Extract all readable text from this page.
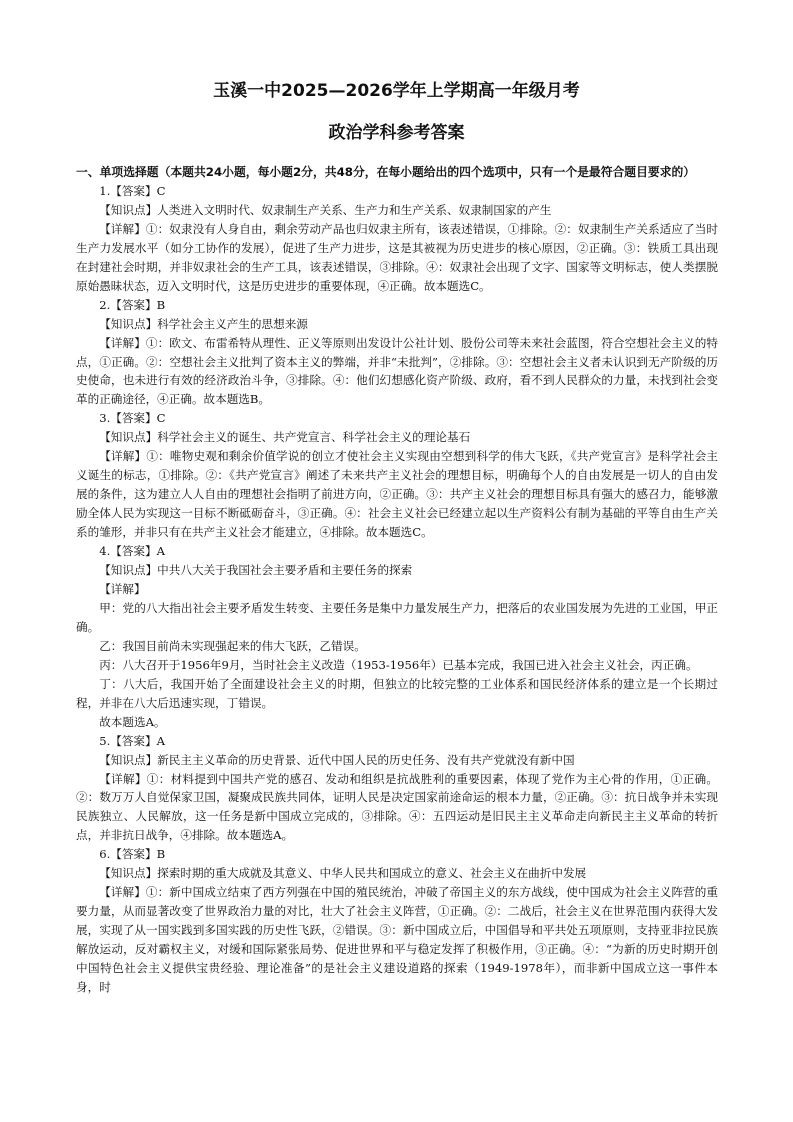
玉溪一中2025—2026学年上学期高一年级月考
政治学科参考答案

一、单项选择题（本题共24小题，每小题2分，共48分，在每小题给出的四个选项中，只有一个是最符合题目要求的）

1.【答案】C

【知识点】人类进入文明时代、奴隶制生产关系、生产力和生产关系、奴隶制国家的产生

【详解】①：奴隶没有人身自由，剩余劳动产品也归奴隶主所有，该表述错误，①排除。②：奴隶制生产关系适应了当时生产力发展水平（如分工协作的发展），促进了生产力进步，这是其被视为历史进步的核心原因，②正确。③：铁质工具出现在封建社会时期，并非奴隶社会的生产工具，该表述错误，③排除。④：奴隶社会出现了文字、国家等文明标志，使人类摆脱原始愚昧状态，迈入文明时代，这是历史进步的重要体现，④正确。故本题选C。

2.【答案】B

【知识点】科学社会主义产生的思想来源

【详解】①：欧文、布雷希特从理性、正义等原则出发设计公社计划、股份公司等未来社会蓝图，符合空想社会主义的特点，①正确。②：空想社会主义批判了资本主义的弊端，并非“未批判”，②排除。③：空想社会主义者未认识到无产阶级的历史使命，也未进行有效的经济政治斗争，③排除。④：他们幻想感化资产阶级、政府，看不到人民群众的力量，未找到社会变革的正确途径，④正确。故本题选B。

3.【答案】C

【知识点】科学社会主义的诞生、共产党宣言、科学社会主义的理论基石

【详解】①：唯物史观和剩余价值学说的创立才使社会主义实现由空想到科学的伟大飞跃，《共产党宣言》是科学社会主义诞生的标志，①排除。②：《共产党宣言》阐述了未来共产主义社会的理想目标，明确每个人的自由发展是一切人的自由发展的条件，这为建立人人自由的理想社会指明了前进方向，②正确。③：共产主义社会的理想目标具有强大的感召力，能够激励全体人民为实现这一目标不断砥砺奋斗，③正确。④：社会主义社会已经建立起以生产资料公有制为基础的平等自由生产关系的雏形，并非只有在共产主义社会才能建立，④排除。故本题选C。

4.【答案】A

【知识点】中共八大关于我国社会主要矛盾和主要任务的探索

【详解】

甲：党的八大指出社会主要矛盾发生转变、主要任务是集中力量发展生产力，把落后的农业国发展为先进的工业国，甲正确。

乙：我国目前尚未实现强起来的伟大飞跃，乙错误。

丙：八大召开于1956年9月，当时社会主义改造（1953-1956年）已基本完成，我国已进入社会主义社会，丙正确。

丁：八大后，我国开始了全面建设社会主义的时期，但独立的比较完整的工业体系和国民经济体系的建立是一个长期过程，并非在八大后迅速实现，丁错误。

故本题选A。

5.【答案】A

【知识点】新民主主义革命的历史背景、近代中国人民的历史任务、没有共产党就没有新中国

【详解】①：材料提到中国共产党的感召、发动和组织是抗战胜利的重要因素，体现了党作为主心骨的作用，①正确。②：数万万人自觉保家卫国，凝聚成民族共同体，证明人民是决定国家前途命运的根本力量，②正确。③：抗日战争并未实现民族独立、人民解放，这一任务是新中国成立完成的，③排除。④：五四运动是旧民主主义革命走向新民主主义革命的转折点，并非抗日战争，④排除。故本题选A。

6.【答案】B

【知识点】探索时期的重大成就及其意义、中华人民共和国成立的意义、社会主义在曲折中发展

【详解】①：新中国成立结束了西方列强在中国的殖民统治，冲破了帝国主义的东方战线，使中国成为社会主义阵营的重要力量，从而显著改变了世界政治力量的对比，壮大了社会主义阵营，①正确。②：二战后，社会主义在世界范围内获得大发展，实现了从一国实践到多国实践的历史性飞跃，②错误。③：新中国成立后，中国倡导和平共处五项原则，支持亚非拉民族解放运动，反对霸权主义，对缓和国际紧张局势、促进世界和平与稳定发挥了积极作用，③正确。④：“为新的历史时期开创中国特色社会主义提供宝贵经验、理论准备”的是社会主义建设道路的探索（1949-1978年），而非新中国成立这一事件本身，时
